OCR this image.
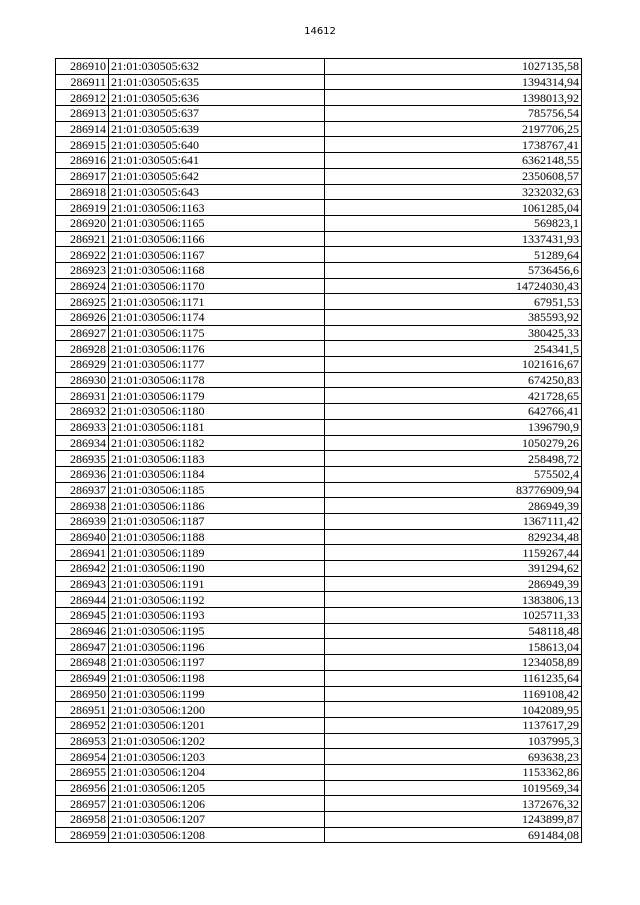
14612
286910	21:01:030505:632	1027135,58
286911	21:01:030505:635	1394314,94
286912	21:01:030505:636	1398013,92
286913	21:01:030505:637	785756,54
286914	21:01:030505:639	2197706,25
286915	21:01:030505:640	1738767,41
286916	21:01:030505:641	6362148,55
286917	21:01:030505:642	2350608,57
286918	21:01:030505:643	3232032,63
286919	21:01:030506:1163	1061285,04
286920	21:01:030506:1165	569823,1
286921	21:01:030506:1166	1337431,93
286922	21:01:030506:1167	51289,64
286923	21:01:030506:1168	5736456,6
286924	21:01:030506:1170	14724030,43
286925	21:01:030506:1171	67951,53
286926	21:01:030506:1174	385593,92
286927	21:01:030506:1175	380425,33
286928	21:01:030506:1176	254341,5
286929	21:01:030506:1177	1021616,67
286930	21:01:030506:1178	674250,83
286931	21:01:030506:1179	421728,65
286932	21:01:030506:1180	642766,41
286933	21:01:030506:1181	1396790,9
286934	21:01:030506:1182	1050279,26
286935	21:01:030506:1183	258498,72
286936	21:01:030506:1184	575502,4
286937	21:01:030506:1185	83776909,94
286938	21:01:030506:1186	286949,39
286939	21:01:030506:1187	1367111,42
286940	21:01:030506:1188	829234,48
286941	21:01:030506:1189	1159267,44
286942	21:01:030506:1190	391294,62
286943	21:01:030506:1191	286949,39
286944	21:01:030506:1192	1383806,13
286945	21:01:030506:1193	1025711,33
286946	21:01:030506:1195	548118,48
286947	21:01:030506:1196	158613,04
286948	21:01:030506:1197	1234058,89
286949	21:01:030506:1198	1161235,64
286950	21:01:030506:1199	1169108,42
286951	21:01:030506:1200	1042089,95
286952	21:01:030506:1201	1137617,29
286953	21:01:030506:1202	1037995,3
286954	21:01:030506:1203	693638,23
286955	21:01:030506:1204	1153362,86
286956	21:01:030506:1205	1019569,34
286957	21:01:030506:1206	1372676,32
286958	21:01:030506:1207	1243899,87
286959	21:01:030506:1208	691484,08
